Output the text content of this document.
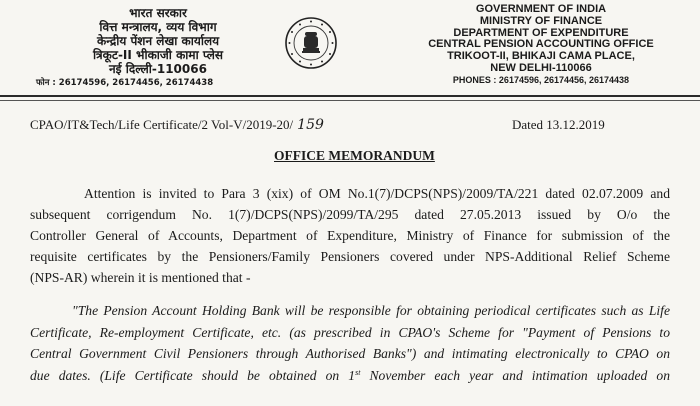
भारत सरकार
वित्त मन्त्रालय, व्यय विभाग
केन्द्रीय पेंशन लेखा कार्यालय
त्रिकूट-II भीकाजी कामा प्लेस
नई दिल्ली-110066
फोन : 26174596, 26174456, 26174438
GOVERNMENT OF INDIA
MINISTRY OF FINANCE
DEPARTMENT OF EXPENDITURE
CENTRAL PENSION ACCOUNTING OFFICE
TRIKOOT-II, BHIKAJI CAMA PLACE,
NEW DELHI-110066
PHONES : 26174596, 26174456, 26174438
CPAO/IT&Tech/Life Certificate/2 Vol-V/2019-20/ 159	Dated 13.12.2019
OFFICE MEMORANDUM
Attention is invited to Para 3 (xix) of OM No.1(7)/DCPS(NPS)/2009/TA/221 dated 02.07.2009 and
subsequent corrigendum No. 1(7)/DCPS(NPS)/2099/TA/295 dated 27.05.2013 issued by O/o the
Controller General of Accounts, Department of Expenditure, Ministry of Finance for submission of the
requisite certificates by the Pensioners/Family Pensioners covered under NPS-Additional Relief Scheme
(NPS-AR) wherein it is mentioned that -
"The Pension Account Holding Bank will be responsible for obtaining periodical certificates such as Life
Certificate, Re-employment Certificate, etc. (as prescribed in CPAO's Scheme for "Payment of Pensions to
Central Government Civil Pensioners through Authorised Banks") and intimating electronically to CPAO on
due dates. (Life Certificate should be obtained on 1st November each year and intimation uploaded on
